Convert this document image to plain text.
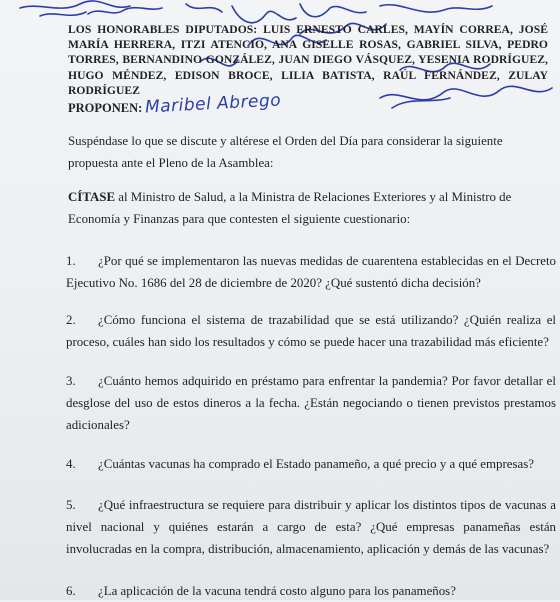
LOS HONORABLES DIPUTADOS: LUIS ERNESTO CARLES, MAYÍN CORREA, JOSÉ MARÍA HERRERA, ITZI ATENCIO, ANA GISELLE ROSAS, GABRIEL SILVA, PEDRO TORRES, BERNANDINO GONZÁLEZ, JUAN DIEGO VÁSQUEZ, YESENIA RODRÍGUEZ, HUGO MÉNDEZ, EDISON BROCE, LILIA BATISTA, RAÚL FERNÁNDEZ, ZULAY RODRÍGUEZ
PROPONEN: Maribel Abrego
Suspéndase lo que se discute y altérese el Orden del Día para considerar la siguiente propuesta ante el Pleno de la Asamblea:
CÍTASE al Ministro de Salud, a la Ministra de Relaciones Exteriores y al Ministro de Economía y Finanzas para que contesten el siguiente cuestionario:
1. ¿Por qué se implementaron las nuevas medidas de cuarentena establecidas en el Decreto Ejecutivo No. 1686 del 28 de diciembre de 2020? ¿Qué sustentó dicha decisión?
2. ¿Cómo funciona el sistema de trazabilidad que se está utilizando? ¿Quién realiza el proceso, cuáles han sido los resultados y cómo se puede hacer una trazabilidad más eficiente?
3. ¿Cuánto hemos adquirido en préstamo para enfrentar la pandemia? Por favor detallar el desglose del uso de estos dineros a la fecha. ¿Están negociando o tienen previstos prestamos adicionales?
4. ¿Cuántas vacunas ha comprado el Estado panameño, a qué precio y a qué empresas?
5. ¿Qué infraestructura se requiere para distribuir y aplicar los distintos tipos de vacunas a nivel nacional y quiénes estarán a cargo de esta? ¿Qué empresas panameñas están involucradas en la compra, distribución, almacenamiento, aplicación y demás de las vacunas?
6. ¿La aplicación de la vacuna tendrá costo alguno para los panameños?
